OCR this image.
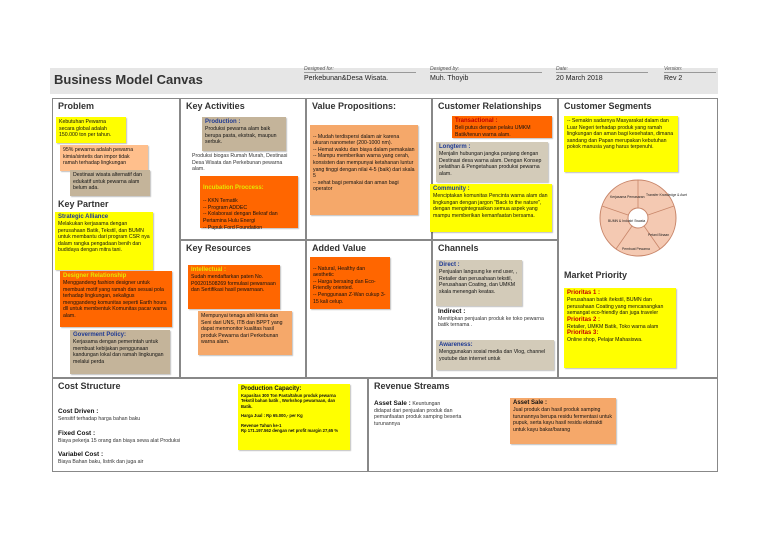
Business Model Canvas
Designed for:
Perkebunan&Desa Wisata.
Designed by:
Muh. Thoyib
Date:
20 March 2018
Version:
Rev 2
Problem
Key Partner
Key Activities
Key Resources
Value Propositions:
Added Value
Customer Relationships
Channels
Customer Segments
Market Priority
Cost Structure	Revenue Streams
Kebutuhan Pewarna secara global adalah 150.000 ton per tahun.
95% pewarna adalah pewarna kimia/sintetis dan impor tidak ramah terhadap lingkungan
Destinasi wisata alternatif dan edukatif untuk pewarna alam belum ada.
Strategic Alliance
Melakukan kerjasama dengan perusahaan Batik, Tekstil, dan BUMN untuk membantu dari program CSR nya dalam rangka pengadaan benih dan budidaya dengan mitra tani.
Designer Relationship
Menggandeng fashion designer untuk membuat motif yang ramah dan sesuai pola terhadap lingkungan, sekaligus menggandeng komunitas seperti Earth hours dll untuk membentuk Komunitas pacar warna alam.
Goverment Policy:
Kerjasama dengan pemerintah untuk membuat kebijakan penggunaan kandungan lokal dan ramah lingkungan melalui perda
Production :
Produksi pewarna alam baik berupa pasta, ekstrak, maupun serbuk.
Produksi biogas Rumah Murah, Destinasi Desa Wisata dan Perkebunan pewarna alam.

Incubation Proccess:

-- KKN Tematik
-- Program ADDEC
-- Kolaborasi dengan Bekraf dan Pertamina Hulu Energi
-- Pupuk Ford Foundation

Intellectual :
Sudah mendaftarkan paten No. P00201508269 formulasi pewarnaan dan Sertifikasi hasil pewarnaan.
Mempunyai tenaga ahli kimia dan Seni dari UNS, ITB dan BPPT yang dapat menmonitor kualitas hasil produk Pewarna dari Perkebunan warna alam.

-- Mudah terdispersi dalam air karena ukuran nanometer (200-1000 nm).
-- Hemat waktu dan biaya dalam pemakaian
-- Mampu memberikan warna yang cerah, konsisten dan mempunyai ketahanan luntur yang tinggi dengan nilai 4-5 (baik) dari skala 5
-- sehat bagi pemakai dan aman bagi operator

-- Natural, Healthy dan aesthetic
-- Harga bersaing dan Eco-Friendly oriented.
-- Penggunaan Z-Wan cukup 3-15 kali celup.

Transactional :
Beli putus dengan pelaku UMKM Batik/tenun warna alam.
Longterm :
Menjalin hubungan jangka panjang dengan Destinasi desa warna alam. Dengan Konsep pelatihan & Pengetahuan produksi pewarna alam.
Community :
Menciptakan komunitas Pencinta warna alam dan lingkungan dengan jargon "Back to the nature", dengan mengintegrasikan semua aspek yang mampu memberikan kemanfaatan bersama.
Direct :
Penjualan langsung ke end user, , Retailer dan perusahaan tekstil, Perusahaan Coating, dan UMKM skala menengah keatas.
Indirect :
Menitipkan penjualan produk ke toko pewarna batik ternama .
Awareness:
Menggunakan sosial media dan Vlog, channel youtube dan internet untuk
-- Semakin sadarnya Masyarakat dalam dan Luar Negeri terhadap produk yang ramah lingkungan dan aman bagi kesehatan, dimana sandang dan Papan merupakan kebutuhan pokok manusia yang harus terpenuhi.
BUMN & Industri Swasta
Transfer Knowledge & Aset
Petani Binaan
Pembuat Pewarna
Kerjasama Pemasaran
Prioritas 1 :
Perusahaan batik /tekstil, BUMN dan perusahaan Coating yang mencanangkan semangat eco-friendly dan juga traveler
Prioritas 2 :
Retailer, UMKM Batik, Toko warna alam
Prioritas 3:
Online shop, Pelajar Mahasiswa.
Cost Driven :
Sensitif terhadap harga bahan baku
Fixed Cost :
Biaya pekerja 15 orang dan biaya sewa alat Produksi
Variabel Cost :
Biaya Bahan baku, listrik dan juga air
Production Capacity:
Kapasitas 300 Ton Pasta/tahun produk pewarna Tekstil bahan batik , Workshop pewarnaan, dan Batik.
Harga Jual : Rp 65.000,- per Kg
Revenue Tahun ke-1
Rp 171.197.562 dengan net profit margin 27,65 %
Asset Sale : Keuntungan
didapat dari penjualan produk dan pemanfaatan produk samping beserta turunannya
Asset Sale :
Jual produk dan hasil produk samping turunannya berupa residu fermentasi untuk pupuk, serta kayu hasil residu ekstrakti untuk kayu bakar/barang
